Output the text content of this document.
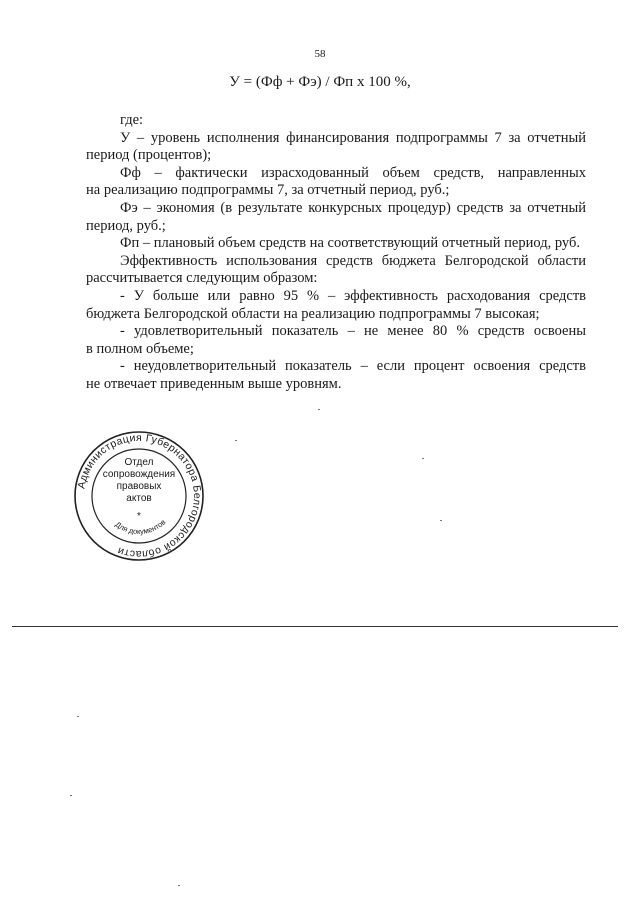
58
У = (Фф + Фэ) / Фп х 100 %,

где:

У – уровень исполнения финансирования подпрограммы 7 за отчетный

период (процентов);

Фф – фактически израсходованный объем средств, направленных

на реализацию подпрограммы 7, за отчетный период, руб.;

Фэ – экономия (в результате конкурсных процедур) средств за отчетный

период, руб.;

Фп – плановый объем средств на соответствующий отчетный период, руб.

Эффективность использования средств бюджета Белгородской области

рассчитывается следующим образом:

- У больше или равно 95 % – эффективность расходования средств

бюджета Белгородской области на реализацию подпрограммы 7 высокая;

- удовлетворительный показатель – не менее 80 % средств освоены

в полном объеме;

- неудовлетворительный показатель – если процент освоения средств

не отвечает приведенным выше уровням.

Администрация Губернатора Белгородской области
Для документов
Отдел
сопровождения
правовых
актов
*
